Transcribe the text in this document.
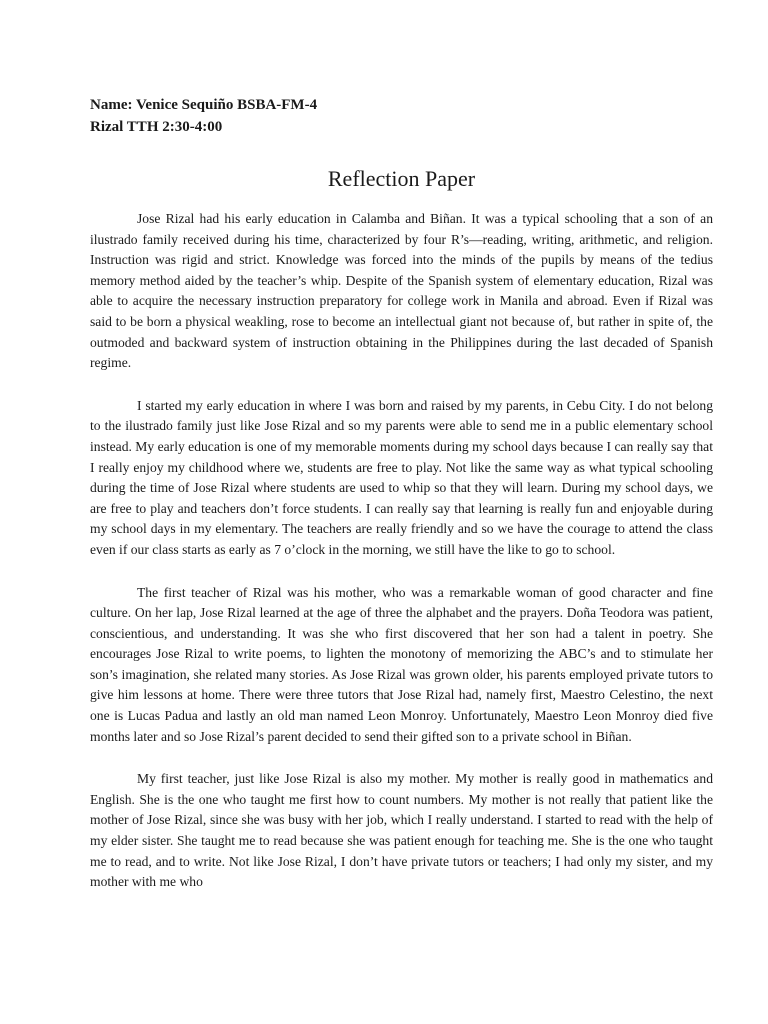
Name: Venice Sequiño BSBA-FM-4

Rizal TTH 2:30-4:00

Reflection Paper

Jose Rizal had his early education in Calamba and Biñan. It was a typical schooling that a son of an ilustrado family received during his time, characterized by four R’s—reading, writing, arithmetic, and religion. Instruction was rigid and strict. Knowledge was forced into the minds of the pupils by means of the tedius memory method aided by the teacher’s whip. Despite of the Spanish system of elementary education, Rizal was able to acquire the necessary instruction preparatory for college work in Manila and abroad. Even if Rizal was said to be born a physical weakling, rose to become an intellectual giant not because of, but rather in spite of, the outmoded and backward system of instruction obtaining in the Philippines during the last decaded of Spanish regime.

I started my early education in where I was born and raised by my parents, in Cebu City. I do not belong to the ilustrado family just like Jose Rizal and so my parents were able to send me in a public elementary school instead. My early education is one of my memorable moments during my school days because I can really say that I really enjoy my childhood where we, students are free to play. Not like the same way as what typical schooling during the time of Jose Rizal where students are used to whip so that they will learn. During my school days, we are free to play and teachers don’t force students. I can really say that learning is really fun and enjoyable during my school days in my elementary. The teachers are really friendly and so we have the courage to attend the class even if our class starts as early as 7 o’clock in the morning, we still have the like to go to school.

The first teacher of Rizal was his mother, who was a remarkable woman of good character and fine culture. On her lap, Jose Rizal learned at the age of three the alphabet and the prayers. Doña Teodora was patient, conscientious, and understanding. It was she who first discovered that her son had a talent in poetry. She encourages Jose Rizal to write poems, to lighten the monotony of memorizing the ABC’s and to stimulate her son’s imagination, she related many stories. As Jose Rizal was grown older, his parents employed private tutors to give him lessons at home. There were three tutors that Jose Rizal had, namely first, Maestro Celestino, the next one is Lucas Padua and lastly an old man named Leon Monroy. Unfortunately, Maestro Leon Monroy died five months later and so Jose Rizal’s parent decided to send their gifted son to a private school in Biñan.

My first teacher, just like Jose Rizal is also my mother. My mother is really good in mathematics and English. She is the one who taught me first how to count numbers. My mother is not really that patient like the mother of Jose Rizal, since she was busy with her job, which I really understand. I started to read with the help of my elder sister. She taught me to read because she was patient enough for teaching me. She is the one who taught me to read, and to write. Not like Jose Rizal, I don’t have private tutors or teachers; I had only my sister, and my mother with me who
